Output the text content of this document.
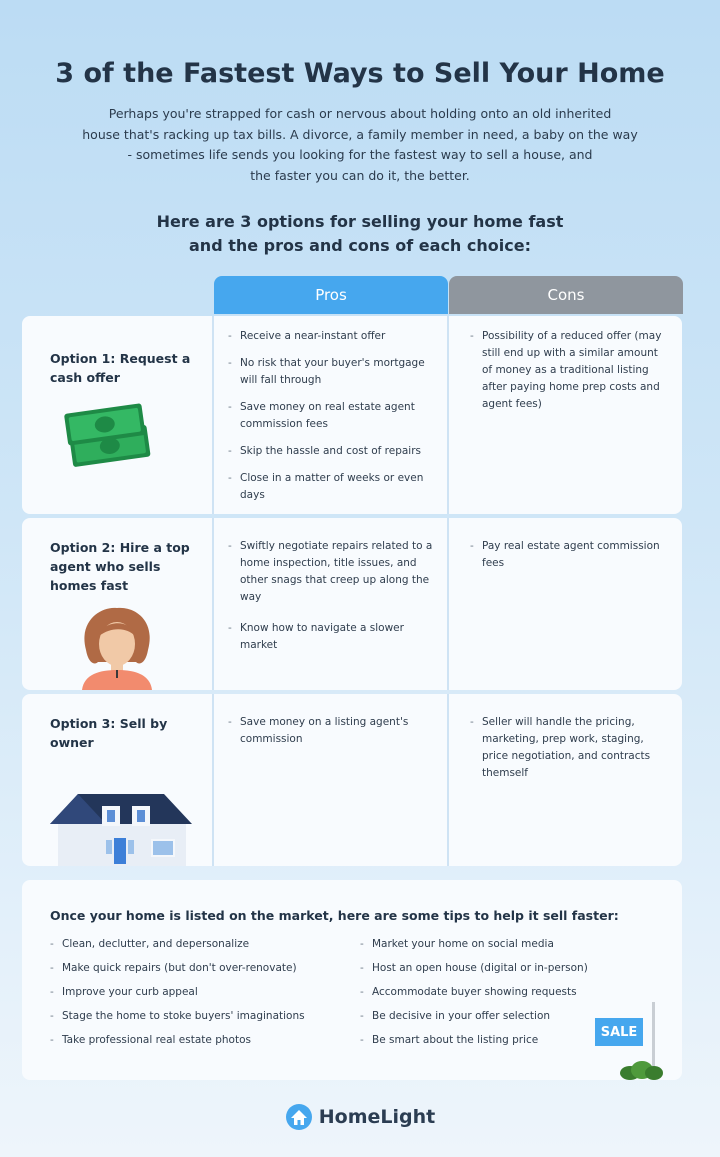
3 of the Fastest Ways to Sell Your Home
Perhaps you're strapped for cash or nervous about holding onto an old inherited
house that's racking up tax bills. A divorce, a family member in need, a baby on the way
- sometimes life sends you looking for the fastest way to sell a house, and
the faster you can do it, the better.
Here are 3 options for selling your home fast
and the pros and cons of each choice:
Pros	Cons
Option 1: Request a cash offer
- Receive a near-instant offer
- No risk that your buyer's mortgage will fall through
- Save money on real estate agent commission fees
- Skip the hassle and cost of repairs
- Close in a matter of weeks or even days
- Possibility of a reduced offer (may still end up with a similar amount of money as a traditional listing after paying home prep costs and agent fees)
Option 2: Hire a top agent who sells homes fast
- Swiftly negotiate repairs related to a home inspection, title issues, and other snags that creep up along the way
- Know how to navigate a slower market
- Pay real estate agent commission fees
Option 3: Sell by owner
- Save money on a listing agent's commission
- Seller will handle the pricing, marketing, prep work, staging, price negotiation, and contracts themself
Once your home is listed on the market, here are some tips to help it sell faster:
- Clean, declutter, and depersonalize
- Make quick repairs (but don't over-renovate)
- Improve your curb appeal
- Stage the home to stoke buyers' imaginations
- Take professional real estate photos
- Market your home on social media
- Host an open house (digital or in-person)
- Accommodate buyer showing requests
- Be decisive in your offer selection
- Be smart about the listing price
SALE
HomeLight
